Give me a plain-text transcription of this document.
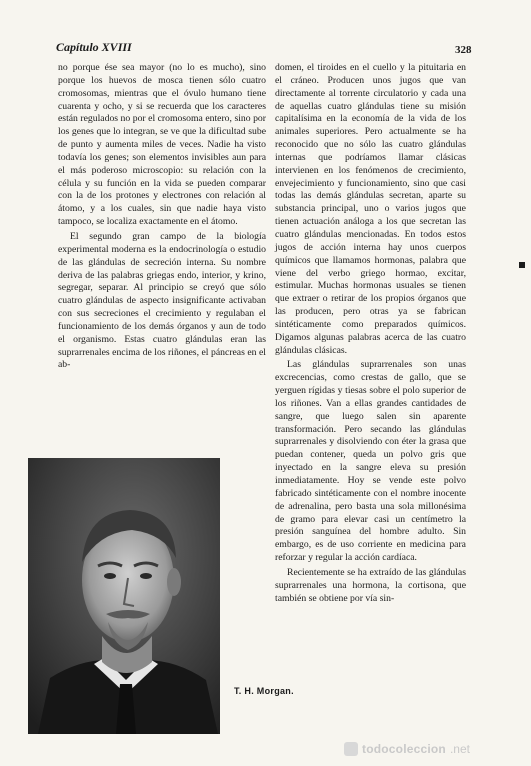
Capítulo XVIII	328

no porque ése sea mayor (no lo es mucho), sino porque los huevos de mosca tienen sólo cuatro cromosomas, mientras que el óvulo humano tiene cuarenta y ocho, y si se recuerda que los caracteres están regulados no por el cromosoma entero, sino por los genes que lo integran, se ve que la dificultad sube de punto y aumenta miles de veces. Nadie ha visto todavía los genes; son elementos invisibles aun para el más poderoso microscopio: su relación con la célula y su función en la vida se pueden comparar con la de los protones y electrones con relación al átomo, y a los cuales, sin que nadie haya visto tampoco, se localiza exactamente en el átomo.

El segundo gran campo de la biología experimental moderna es la endocrinología o estudio de las glándulas de secreción interna. Su nombre deriva de las palabras griegas endo, interior, y krino, segregar, separar. Al principio se creyó que sólo cuatro glándulas de aspecto insignificante activaban con sus secreciones el crecimiento y regulaban el funcionamiento de los demás órganos y aun de todo el organismo. Estas cuatro glándulas eran las suprarrenales encima de los riñones, el páncreas en el ab-

domen, el tiroides en el cuello y la pituitaria en el cráneo. Producen unos jugos que van directamente al torrente circulatorio y cada una de aquellas cuatro glándulas tiene su misión capitalísima en la economía de la vida de los animales superiores. Pero actualmente se ha reconocido que no sólo las cuatro glándulas internas que podríamos llamar clásicas intervienen en los fenómenos de crecimiento, envejecimiento y funcionamiento, sino que casi todas las demás glándulas secretan, aparte su substancia principal, uno o varios jugos que tienen actuación análoga a los que secretan las cuatro glándulas mencionadas. En todos estos jugos de acción interna hay unos cuerpos químicos que llamamos hormonas, palabra que viene del verbo griego hormao, excitar, estimular. Muchas hormonas usuales se tienen que extraer o retirar de los propios órganos que las producen, pero otras ya se fabrican sintéticamente como preparados químicos. Digamos algunas palabras acerca de las cuatro glándulas clásicas.

Las glándulas suprarrenales son unas excrecencias, como crestas de gallo, que se yerguen rígidas y tiesas sobre el polo superior de los riñones. Van a ellas grandes cantidades de sangre, que luego salen sin aparente transformación. Pero secando las glándulas suprarrenales y disolviendo con éter la grasa que puedan contener, queda un polvo gris que inyectado en la sangre eleva su presión inmediatamente. Hoy se vende este polvo fabricado sintéticamente con el nombre inocente de adrenalina, pero basta una sola millonésima de gramo para elevar casi un centímetro la presión sanguínea del hombre adulto. Sin embargo, es de uso corriente en medicina para reforzar y regular la acción cardíaca.

Recientemente se ha extraído de las glándulas suprarrenales una hormona, la cortisona, que también se obtiene por vía sin-

T. H. Morgan.
todocoleccion .net
